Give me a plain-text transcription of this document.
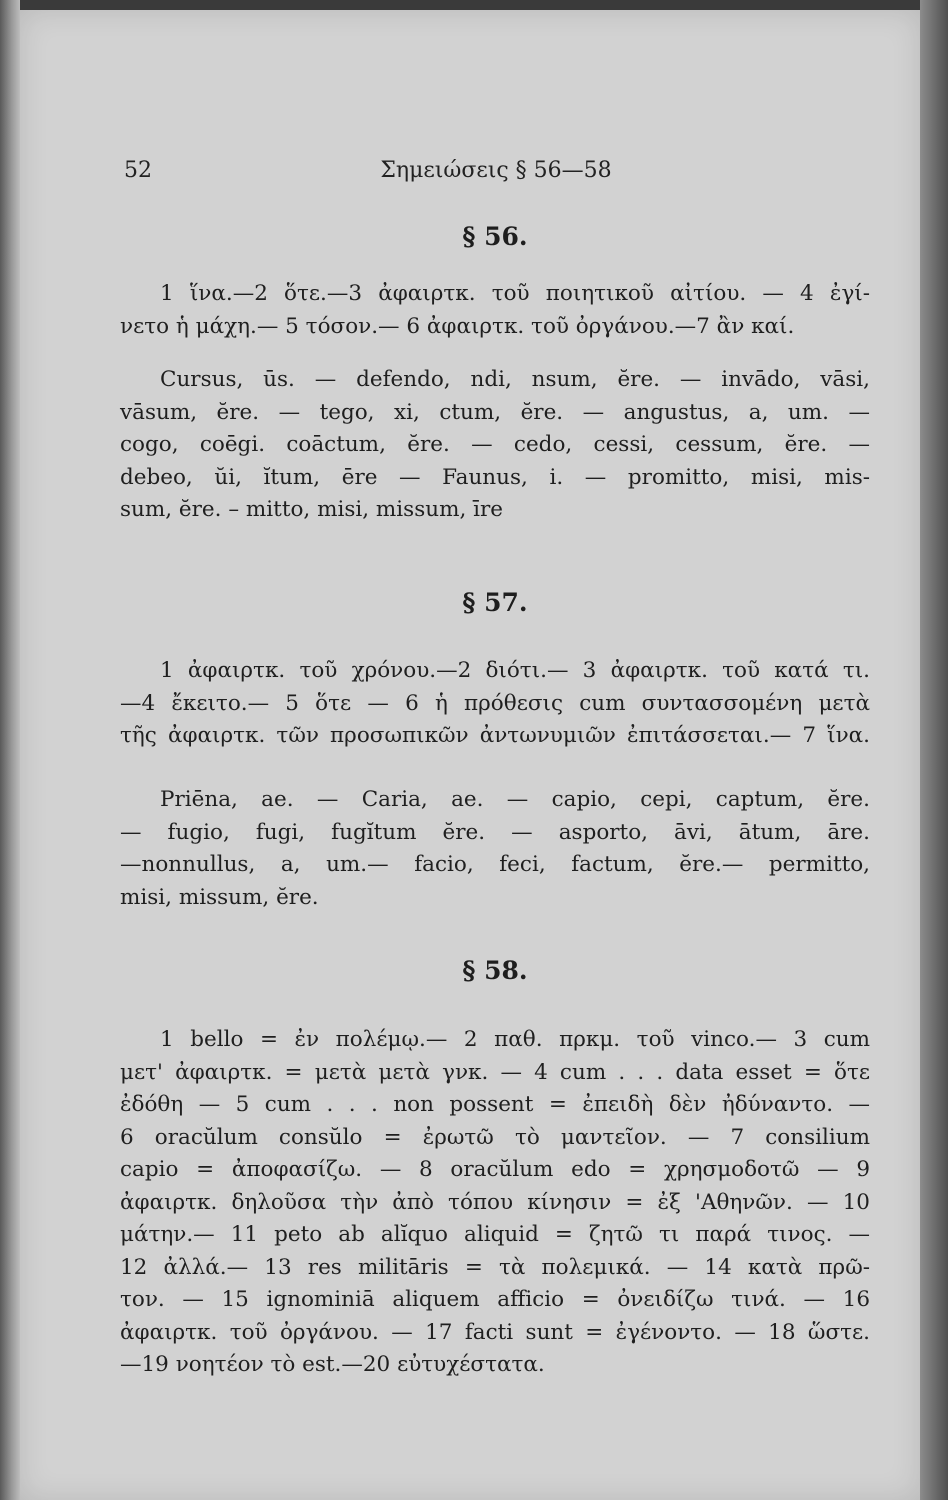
52	Σημειώσεις § 56—58
§ 56.
1 ἵνα.—2 ὅτε.—3 ἀφαιρτκ. τοῦ ποιητικοῦ αἰτίου. — 4 ἐγί-
νετο ἡ μάχη.— 5 τόσον.— 6 ἀφαιρτκ. τοῦ ὀργάνου.—7 ἂν καί.
Cursus, ūs. — defendo, ndi, nsum, ĕre. — invādo, vāsi,
vāsum, ĕre. — tego, xi, ctum, ĕre. — angustus, a, um. —
cogo, coēgi. coāctum, ĕre. — cedo, cessi, cessum, ĕre. —
debeo, ŭi, ĭtum, ēre — Faunus, i. — promitto, misi, mis-
sum, ĕre. – mitto, misi, missum, īre
§ 57.
1 ἀφαιρτκ. τοῦ χρόνου.—2 διότι.— 3 ἀφαιρτκ. τοῦ κατά τι.
—4 ἔκειτο.— 5 ὅτε — 6 ἡ πρόθεσις cum συντασσομένη μετὰ
τῆς ἀφαιρτκ. τῶν προσωπικῶν ἀντωνυμιῶν ἐπιτάσσεται.— 7 ἵνα.
Priēna, ae. — Caria, ae. — capio, cepi, captum, ĕre.
— fugio, fugi, fugĭtum ĕre. — asporto, āvi, ātum, āre.
—nonnullus, a, um.— facio, feci, factum, ĕre.— permitto,
misi, missum, ĕre.
§ 58.
1 bello = ἐν πολέμῳ.— 2 παθ. πρκμ. τοῦ vinco.— 3 cum
μετ' ἀφαιρτκ. = μετὰ μετὰ γνκ. — 4 cum . . . data esset = ὅτε
ἐδόθη — 5 cum . . . non possent = ἐπειδὴ δὲν ἠδύναντο. —
6 oracŭlum consŭlo = ἐρωτῶ τὸ μαντεῖον. — 7 consilium
capio = ἀποφασίζω. — 8 oracŭlum edo = χρησμοδοτῶ — 9
ἀφαιρτκ. δηλοῦσα τὴν ἀπὸ τόπου κίνησιν = ἐξ 'Αθηνῶν. — 10
μάτην.— 11 peto ab alĭquo aliquid = ζητῶ τι παρά τινος. —
12 ἀλλά.— 13 res militāris = τὰ πολεμικά. — 14 κατὰ πρῶ-
τον. — 15 ignominiā aliquem afficio = ὀνειδίζω τινά. — 16
ἀφαιρτκ. τοῦ ὀργάνου. — 17 facti sunt = ἐγένοντο. — 18 ὥστε.
—19 νοητέον τὸ est.—20 εὐτυχέστατα.
